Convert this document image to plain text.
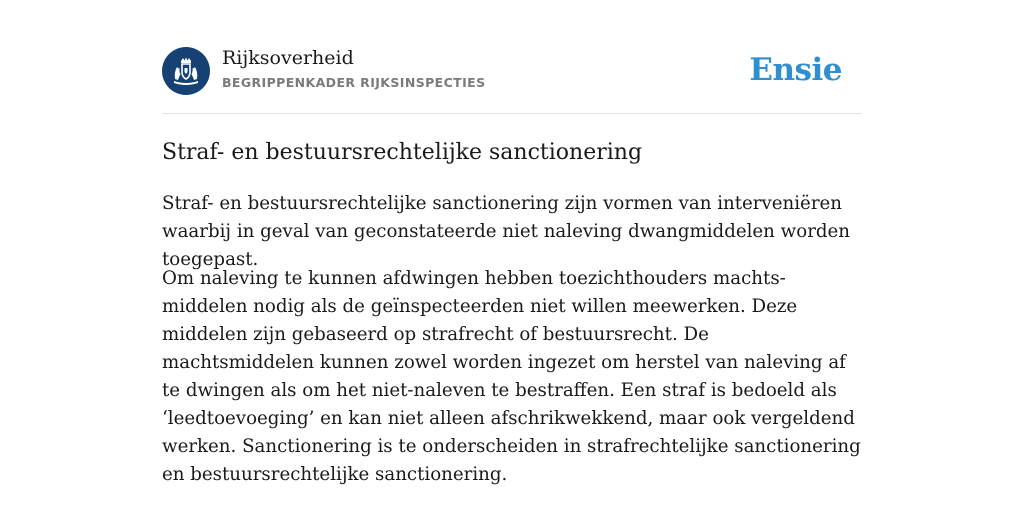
Rijksoverheid
BEGRIPPENKADER RIJKSINSPECTIES	Ensie
Straf- en bestuursrechtelijke sanctionering

Straf- en bestuursrechtelijke sanctionering zijn vormen van interveniëren waarbij in geval van geconstateerde niet naleving dwangmiddelen worden toegepast.

Om naleving te kunnen afdwingen hebben toezichthouders machts- middelen nodig als de geïnspecteerden niet willen meewerken. Deze middelen zijn gebaseerd op strafrecht of bestuursrecht. De machtsmiddelen kunnen zowel worden ingezet om herstel van naleving af te dwingen als om het niet-naleven te bestraffen. Een straf is bedoeld als ‘leedtoevoeging’ en kan niet alleen afschrikwekkend, maar ook vergeldend werken. Sanctionering is te onderscheiden in strafrechtelijke sanctionering en bestuursrechtelijke sanctionering.
